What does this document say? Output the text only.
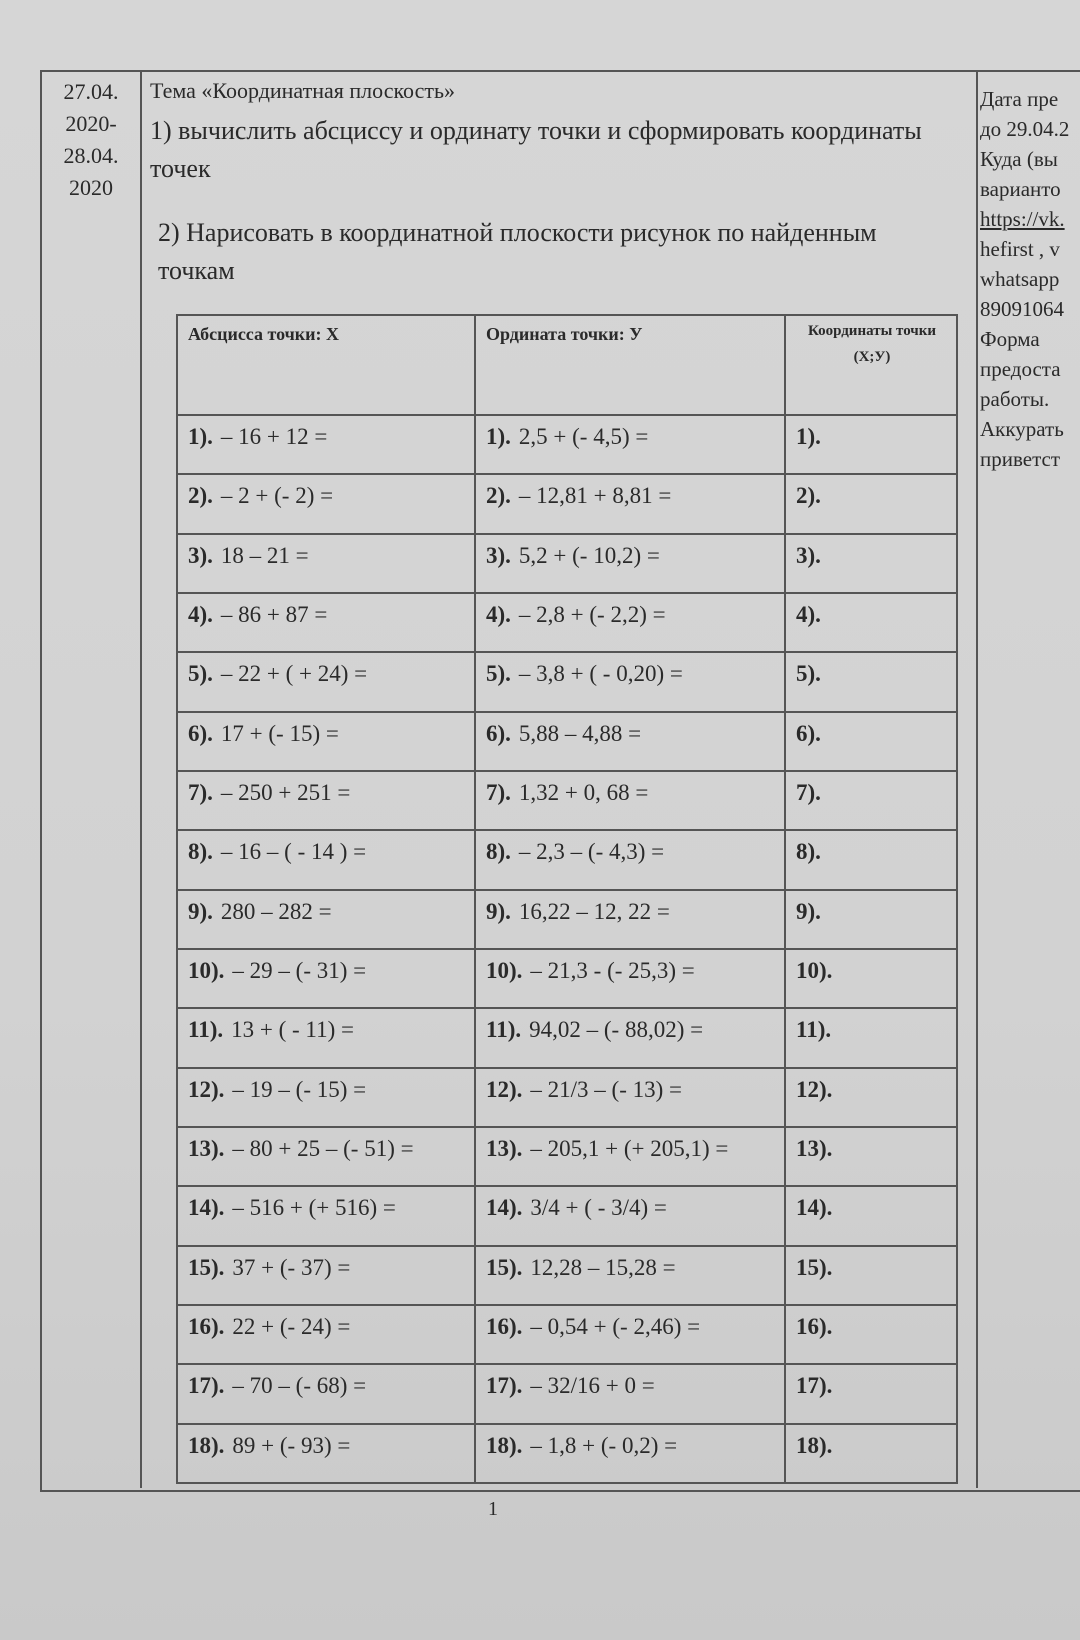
27.04.
2020-
28.04.
2020
Тема «Координатная плоскость»
1) вычислить абсциссу и ординату точки и сформировать координаты точек
2) Нарисовать в координатной плоскости рисунок по найденным точкам
Дата пре
до 29.04.2
Куда (вы
варианто
https://vk.
hefirst , v
whatsapp
89091064
Форма
предоста
работы.
Аккурать
приветст
Абсцисса точки: X	Ордината точки: У	Координаты точки (Х;У)
1). – 16 + 12 =	1). 2,5 + (- 4,5) =	1).
2). – 2 + (- 2) =	2). – 12,81 + 8,81 =	2).
3). 18 – 21 =	3). 5,2 + (- 10,2) =	3).
4). – 86 + 87 =	4). – 2,8 + (- 2,2) =	4).
5). – 22 + ( + 24) =	5). – 3,8 + ( - 0,20) =	5).
6). 17 + (- 15) =	6). 5,88 – 4,88 =	6).
7). – 250 + 251 =	7). 1,32 + 0, 68 =	7).
8). – 16 – ( - 14 ) =	8). – 2,3 – (- 4,3) =	8).
9). 280 – 282 =	9). 16,22 – 12, 22 =	9).
10). – 29 – (- 31) =	10). – 21,3 - (- 25,3) =	10).
11). 13 + ( - 11) =	11). 94,02 – (- 88,02) =	11).
12). – 19 – (- 15) =	12). – 21/3 – (- 13) =	12).
13). – 80 + 25 – (- 51) =	13). – 205,1 + (+ 205,1) =	13).
14). – 516 + (+ 516) =	14). 3/4 + ( - 3/4) =	14).
15). 37 + (- 37) =	15). 12,28 – 15,28 =	15).
16). 22 + (- 24) =	16). – 0,54 + (- 2,46) =	16).
17). – 70 – (- 68) =	17). – 32/16 + 0 =	17).
18). 89 + (- 93) =	18). – 1,8 + (- 0,2) =	18).
1
